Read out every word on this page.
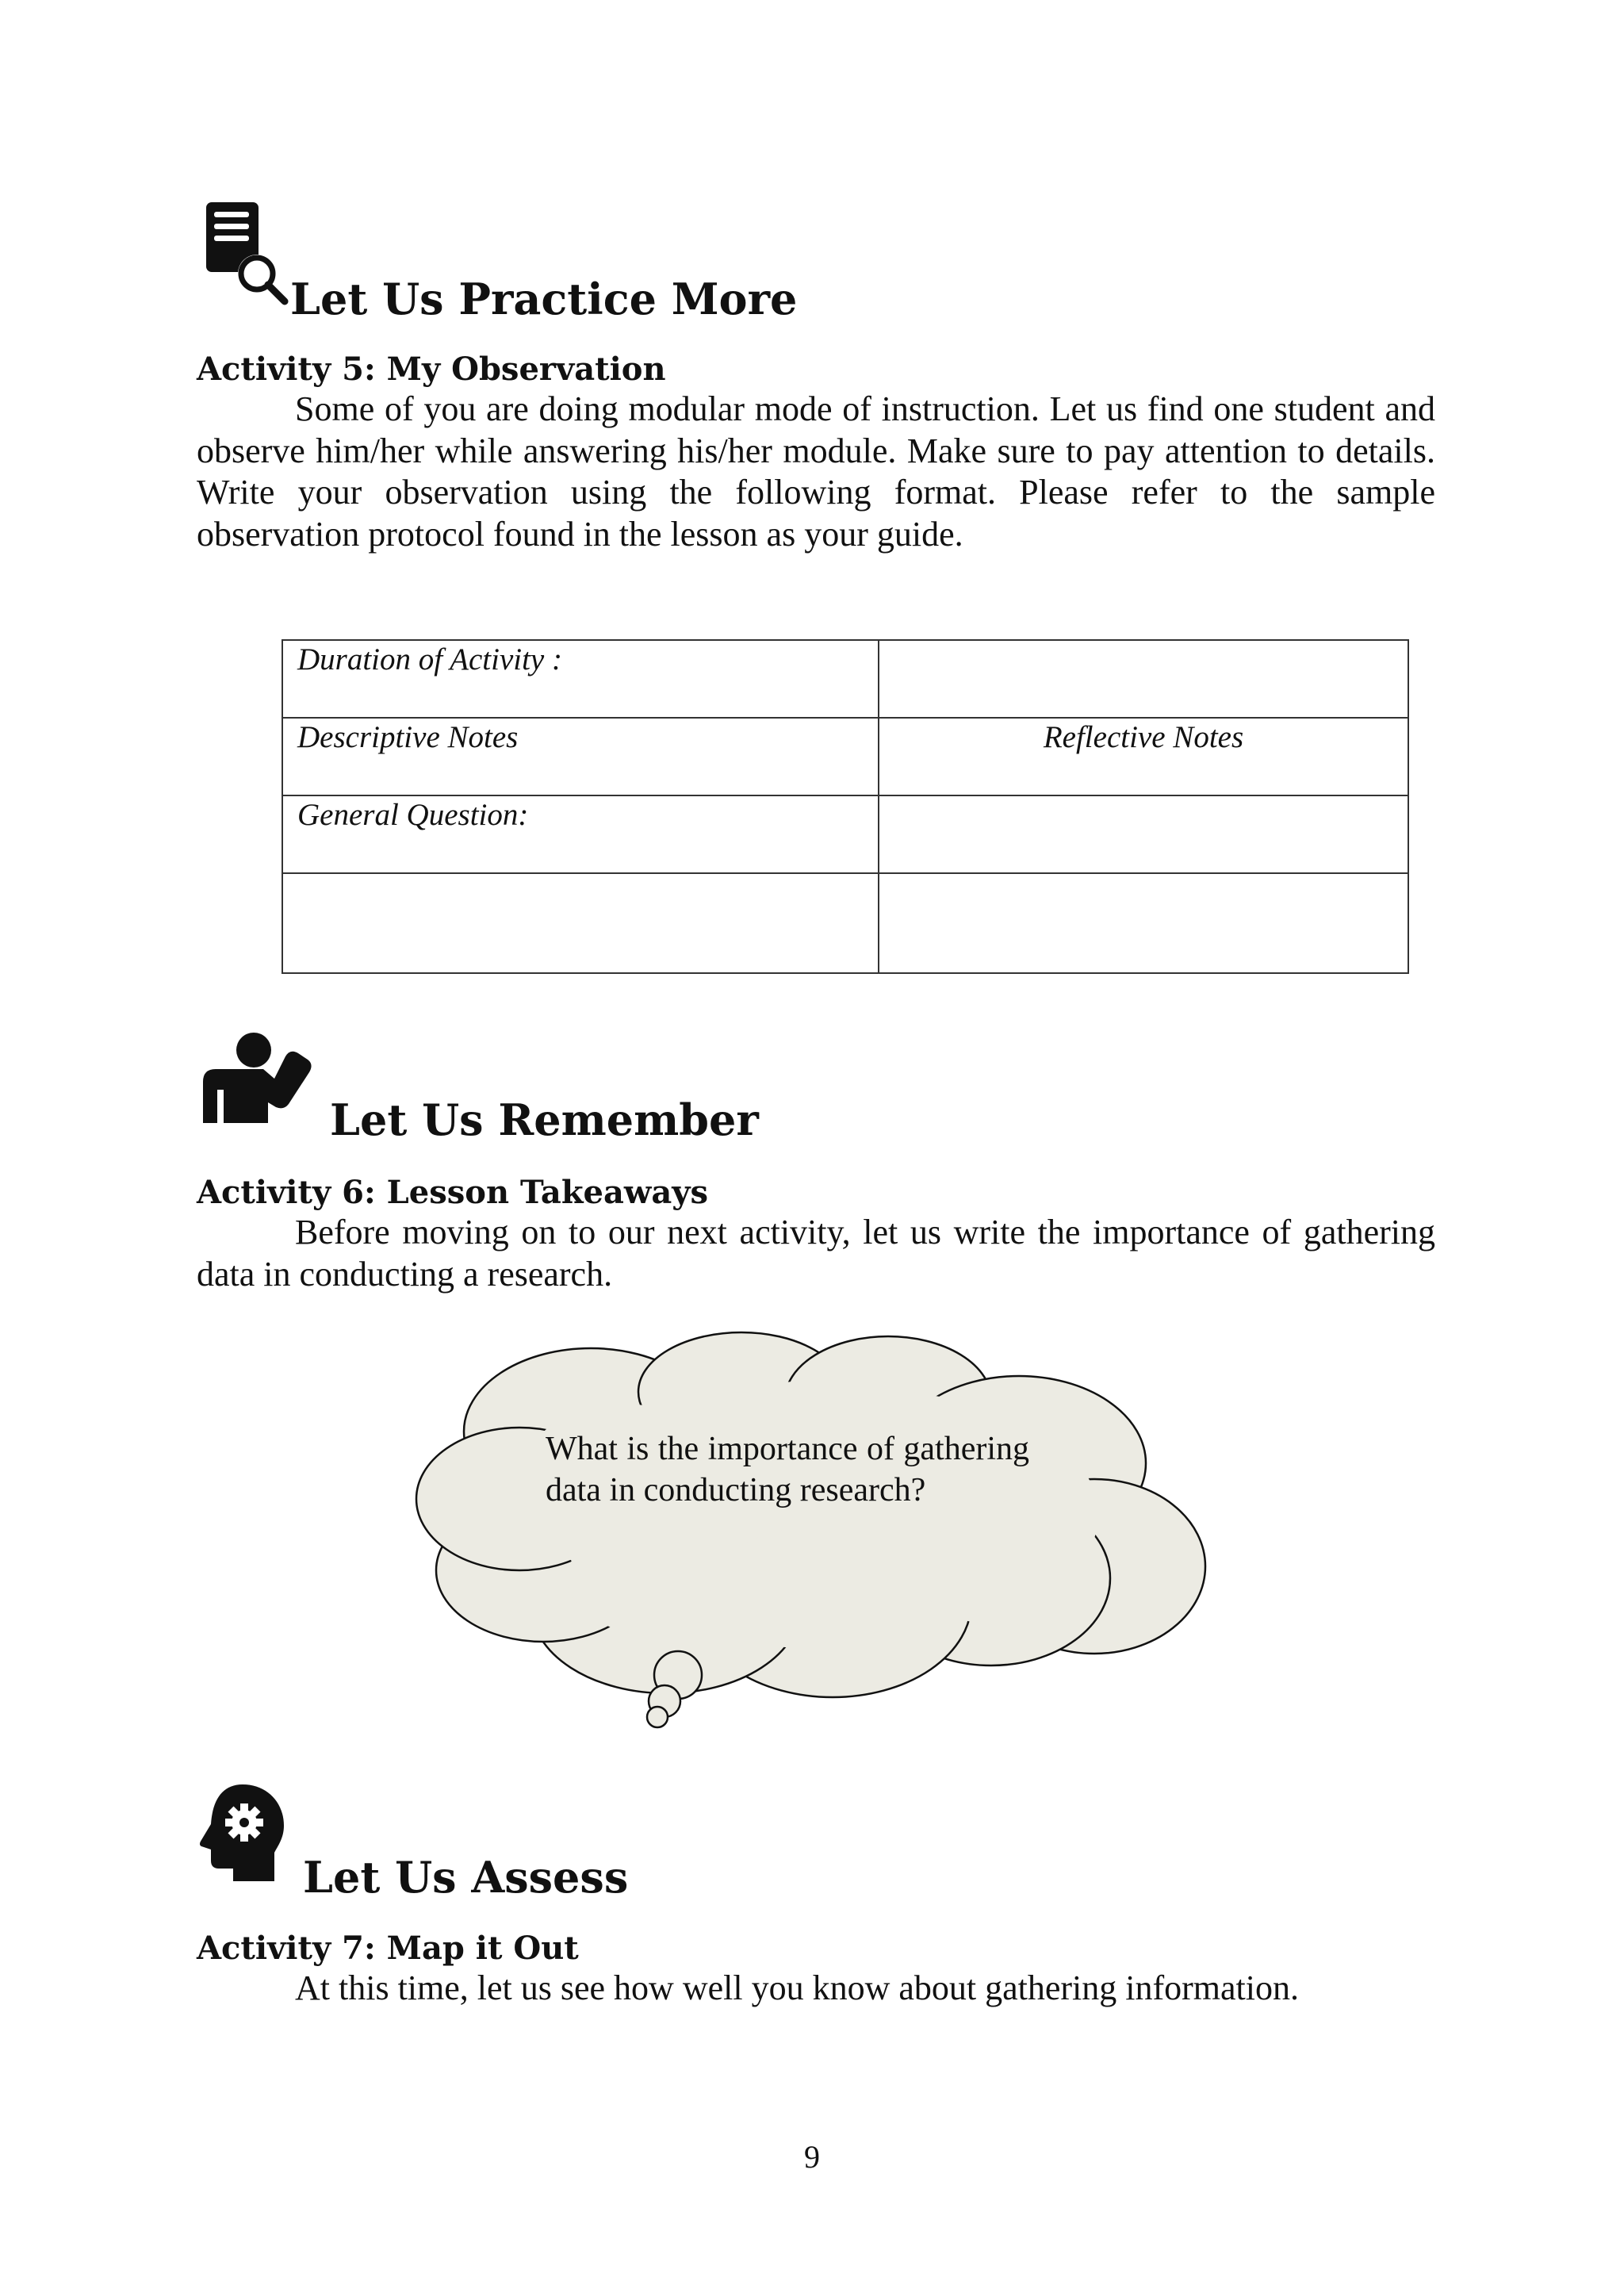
Let Us Practice More
Activity 5: My Observation
Some of you are doing modular mode of instruction. Let us find one student and observe him/her while answering his/her module. Make sure to pay attention to details. Write your observation using the following format. Please refer to the sample observation protocol found in the lesson as your guide.
Duration of Activity :	
Descriptive Notes	Reflective Notes
General Question:	

Let Us Remember
Activity 6: Lesson Takeaways
Before moving on to our next activity, let us write the importance of gathering data in conducting a research.
What is the importance of gathering data in conducting research?
Let Us Assess
Activity 7: Map it Out
At this time, let us see how well you know about gathering information.
9
